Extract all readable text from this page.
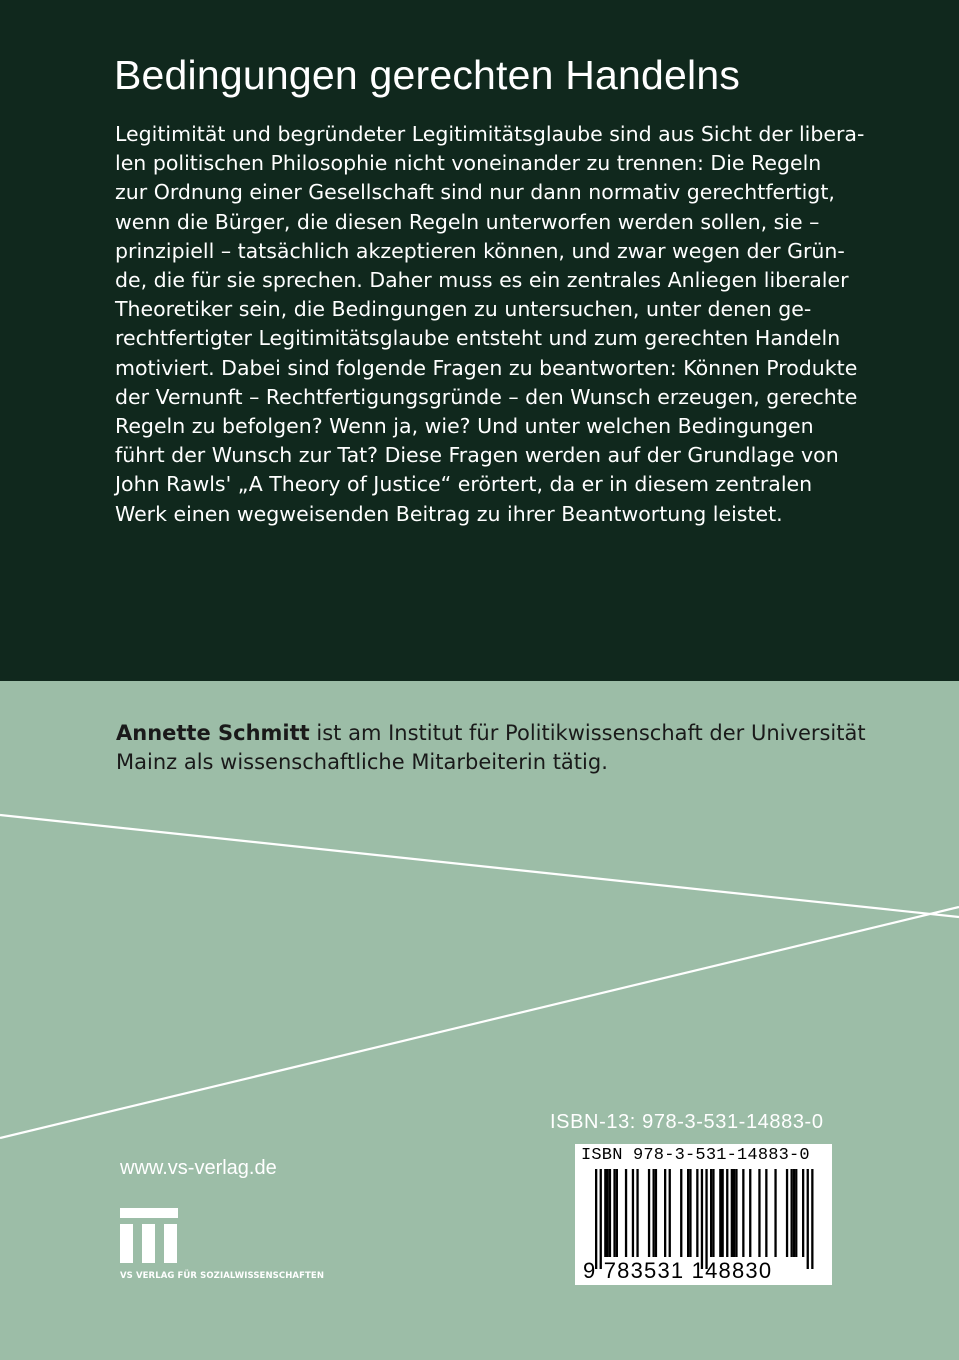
Bedingungen gerechten Handelns
Legitimität und begründeter Legitimitätsglaube sind aus Sicht der libera-
len politischen Philosophie nicht voneinander zu trennen: Die Regeln
zur Ordnung einer Gesellschaft sind nur dann normativ gerechtfertigt,
wenn die Bürger, die diesen Regeln unterworfen werden sollen, sie –
prinzipiell – tatsächlich akzeptieren können, und zwar wegen der Grün-
de, die für sie sprechen. Daher muss es ein zentrales Anliegen liberaler
Theoretiker sein, die Bedingungen zu untersuchen, unter denen ge-
rechtfertigter Legitimitätsglaube entsteht und zum gerechten Handeln
motiviert. Dabei sind folgende Fragen zu beantworten: Können Produkte
der Vernunft – Rechtfertigungsgründe – den Wunsch erzeugen, gerechte
Regeln zu befolgen? Wenn ja, wie? Und unter welchen Bedingungen
führt der Wunsch zur Tat? Diese Fragen werden auf der Grundlage von
John Rawls' „A Theory of Justice“ erörtert, da er in diesem zentralen
Werk einen wegweisenden Beitrag zu ihrer Beantwortung leistet.
Annette Schmitt ist am Institut für Politikwissenschaft der Universität
Mainz als wissenschaftliche Mitarbeiterin tätig.
ISBN-13: 978-3-531-14883-0
www.vs-verlag.de
VS VERLAG FÜR SOZIALWISSENSCHAFTEN
ISBN 978-3-531-14883-0
9 783531 148830
